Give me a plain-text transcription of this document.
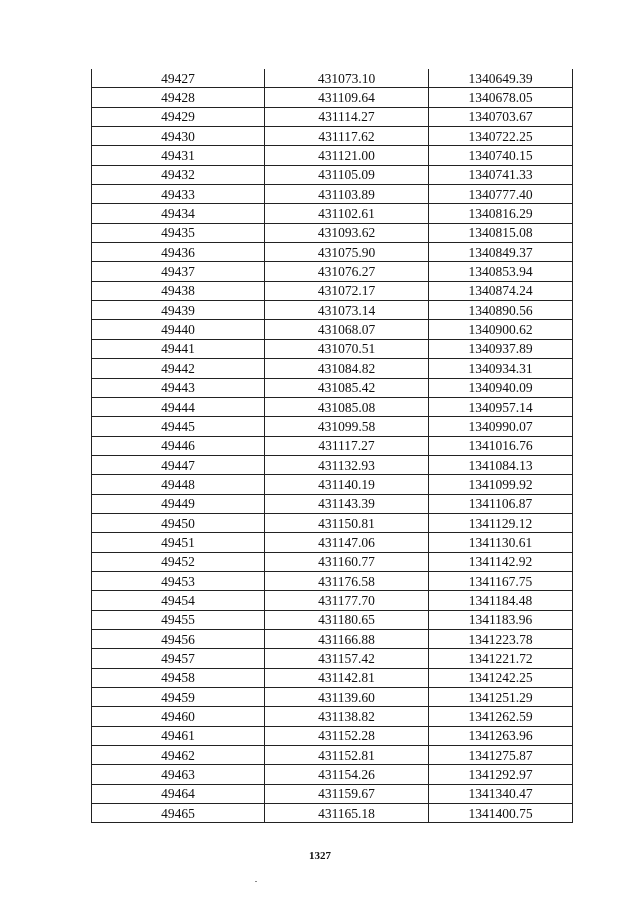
49427	431073.10	1340649.39
49428	431109.64	1340678.05
49429	431114.27	1340703.67
49430	431117.62	1340722.25
49431	431121.00	1340740.15
49432	431105.09	1340741.33
49433	431103.89	1340777.40
49434	431102.61	1340816.29
49435	431093.62	1340815.08
49436	431075.90	1340849.37
49437	431076.27	1340853.94
49438	431072.17	1340874.24
49439	431073.14	1340890.56
49440	431068.07	1340900.62
49441	431070.51	1340937.89
49442	431084.82	1340934.31
49443	431085.42	1340940.09
49444	431085.08	1340957.14
49445	431099.58	1340990.07
49446	431117.27	1341016.76
49447	431132.93	1341084.13
49448	431140.19	1341099.92
49449	431143.39	1341106.87
49450	431150.81	1341129.12
49451	431147.06	1341130.61
49452	431160.77	1341142.92
49453	431176.58	1341167.75
49454	431177.70	1341184.48
49455	431180.65	1341183.96
49456	431166.88	1341223.78
49457	431157.42	1341221.72
49458	431142.81	1341242.25
49459	431139.60	1341251.29
49460	431138.82	1341262.59
49461	431152.28	1341263.96
49462	431152.81	1341275.87
49463	431154.26	1341292.97
49464	431159.67	1341340.47
49465	431165.18	1341400.75
1327
